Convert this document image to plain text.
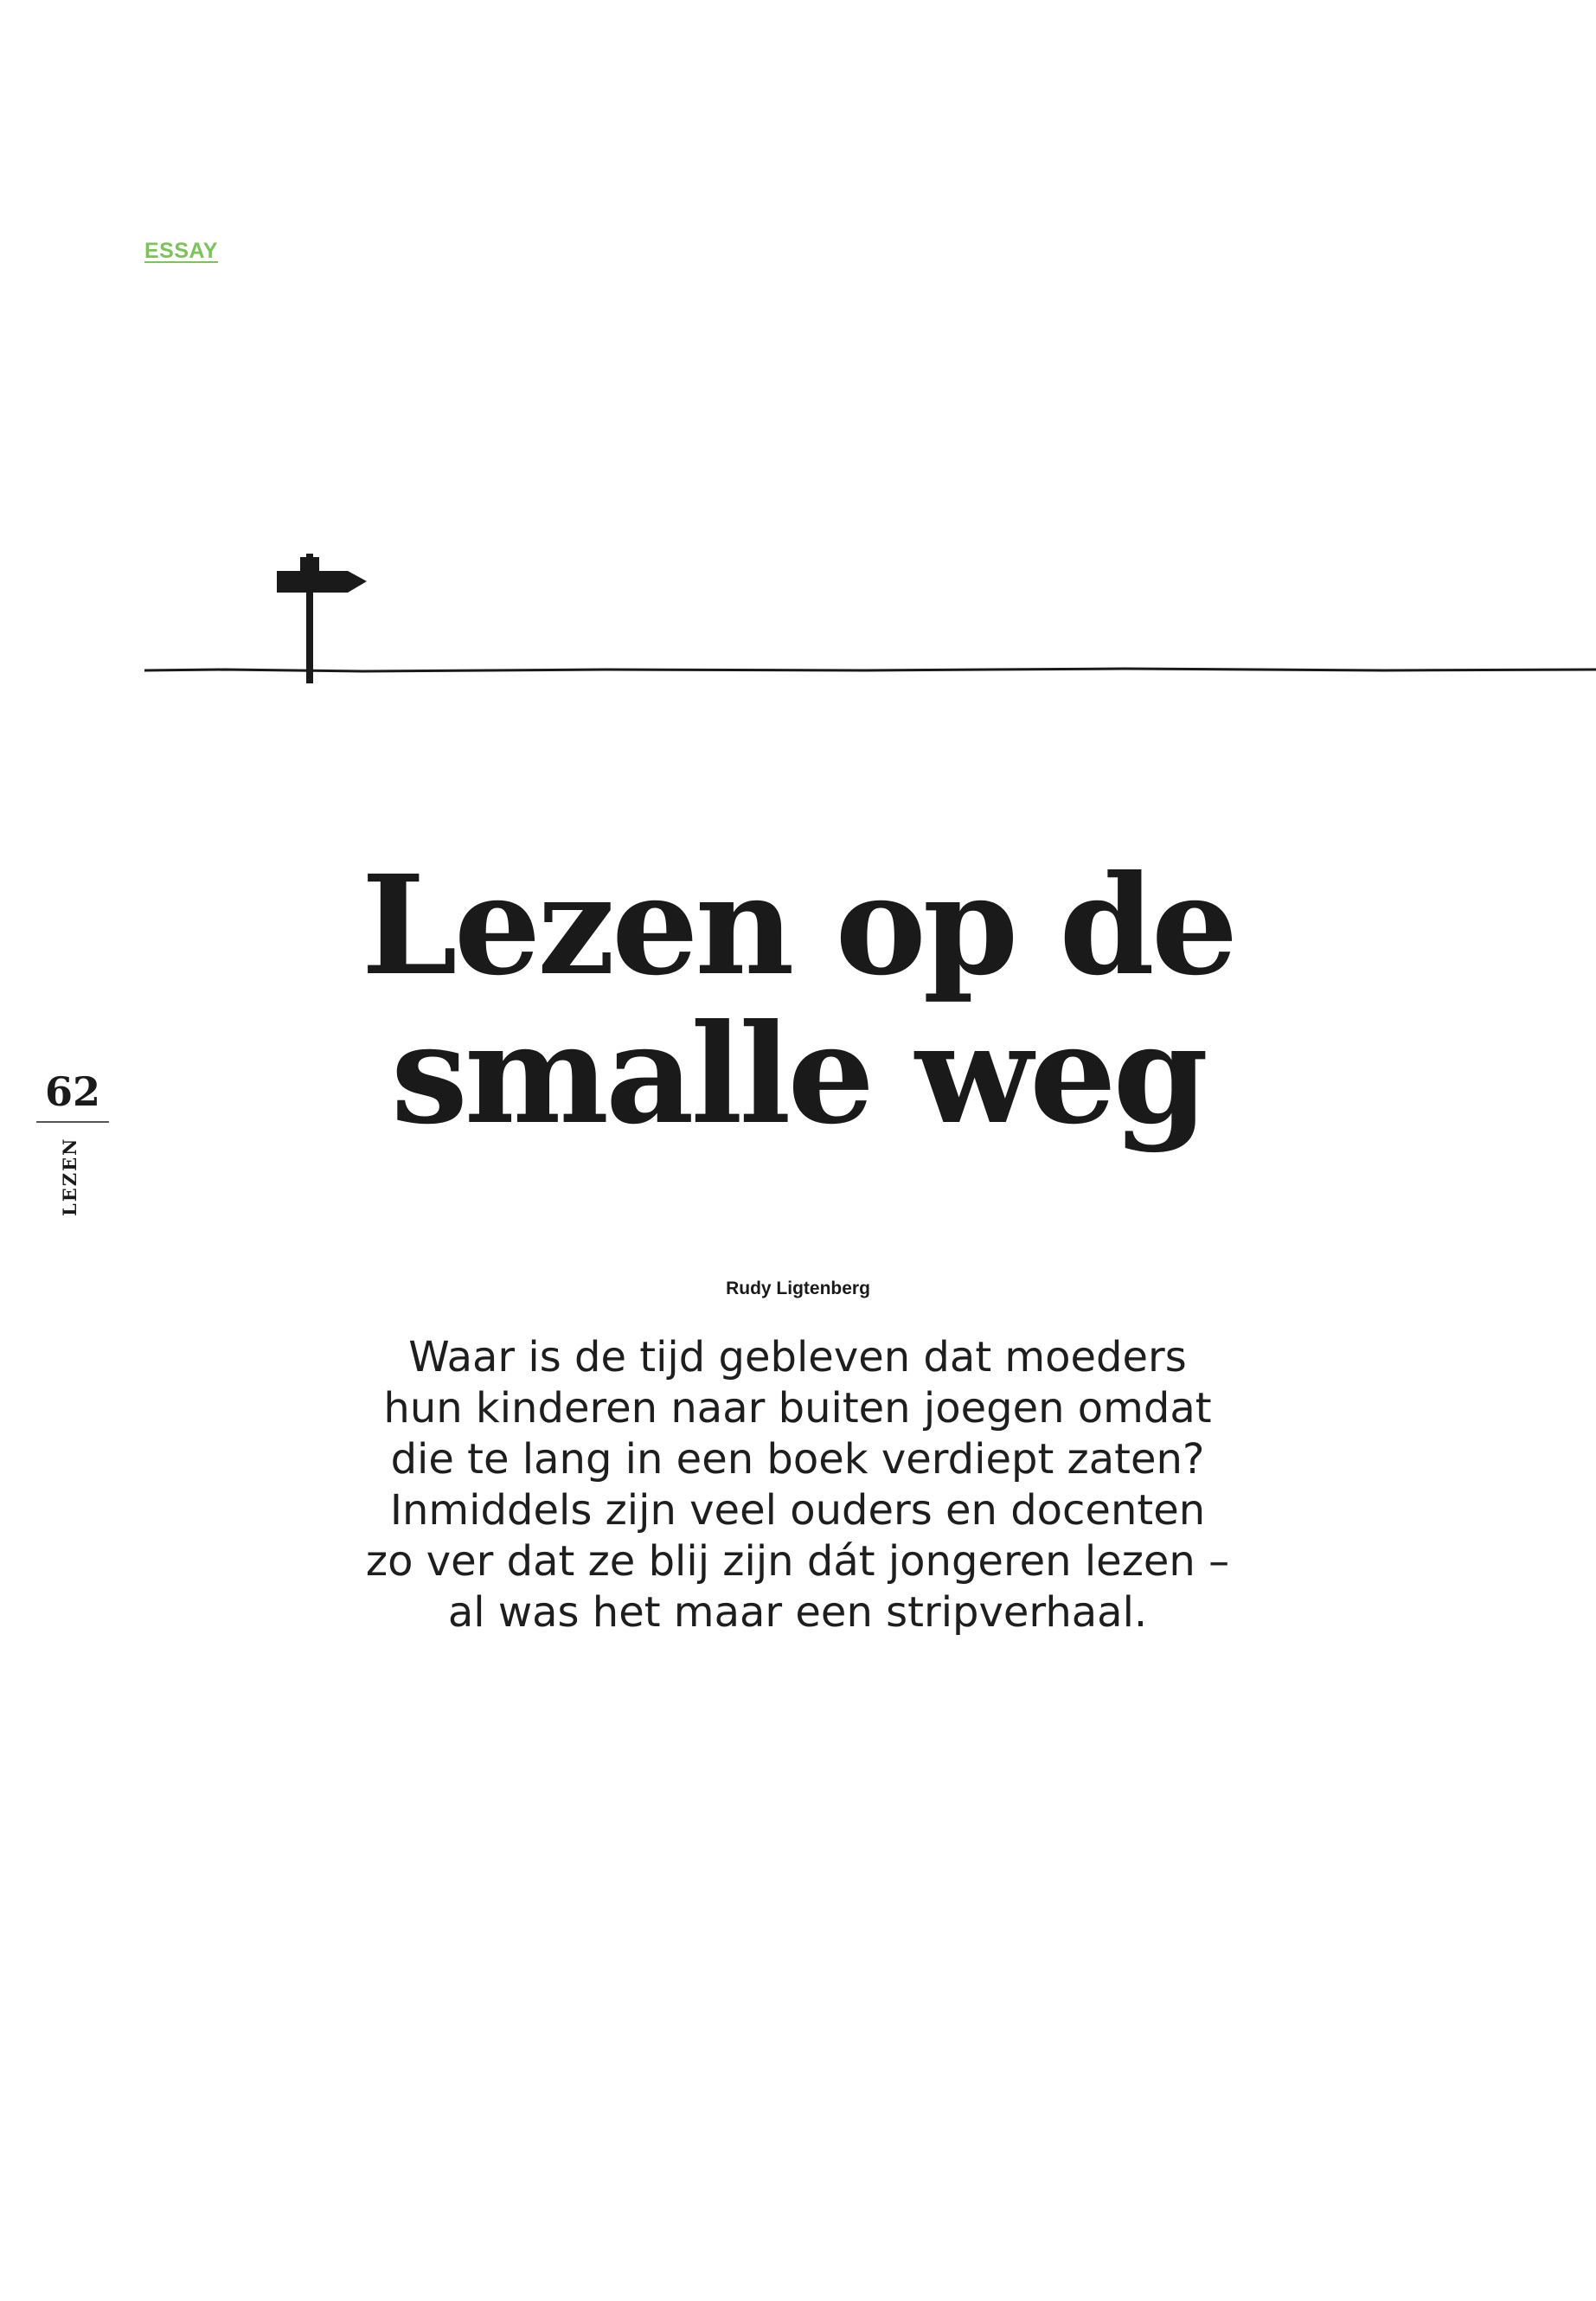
ESSAY
Lezen op de
smalle weg
62
LEZEN
Rudy Ligtenberg

Waar is de tijd gebleven dat moeders
hun kinderen naar buiten joegen omdat
die te lang in een boek verdiept zaten?
Inmiddels zijn veel ouders en docenten
zo ver dat ze blij zijn dát jongeren lezen –
al was het maar een stripverhaal.
